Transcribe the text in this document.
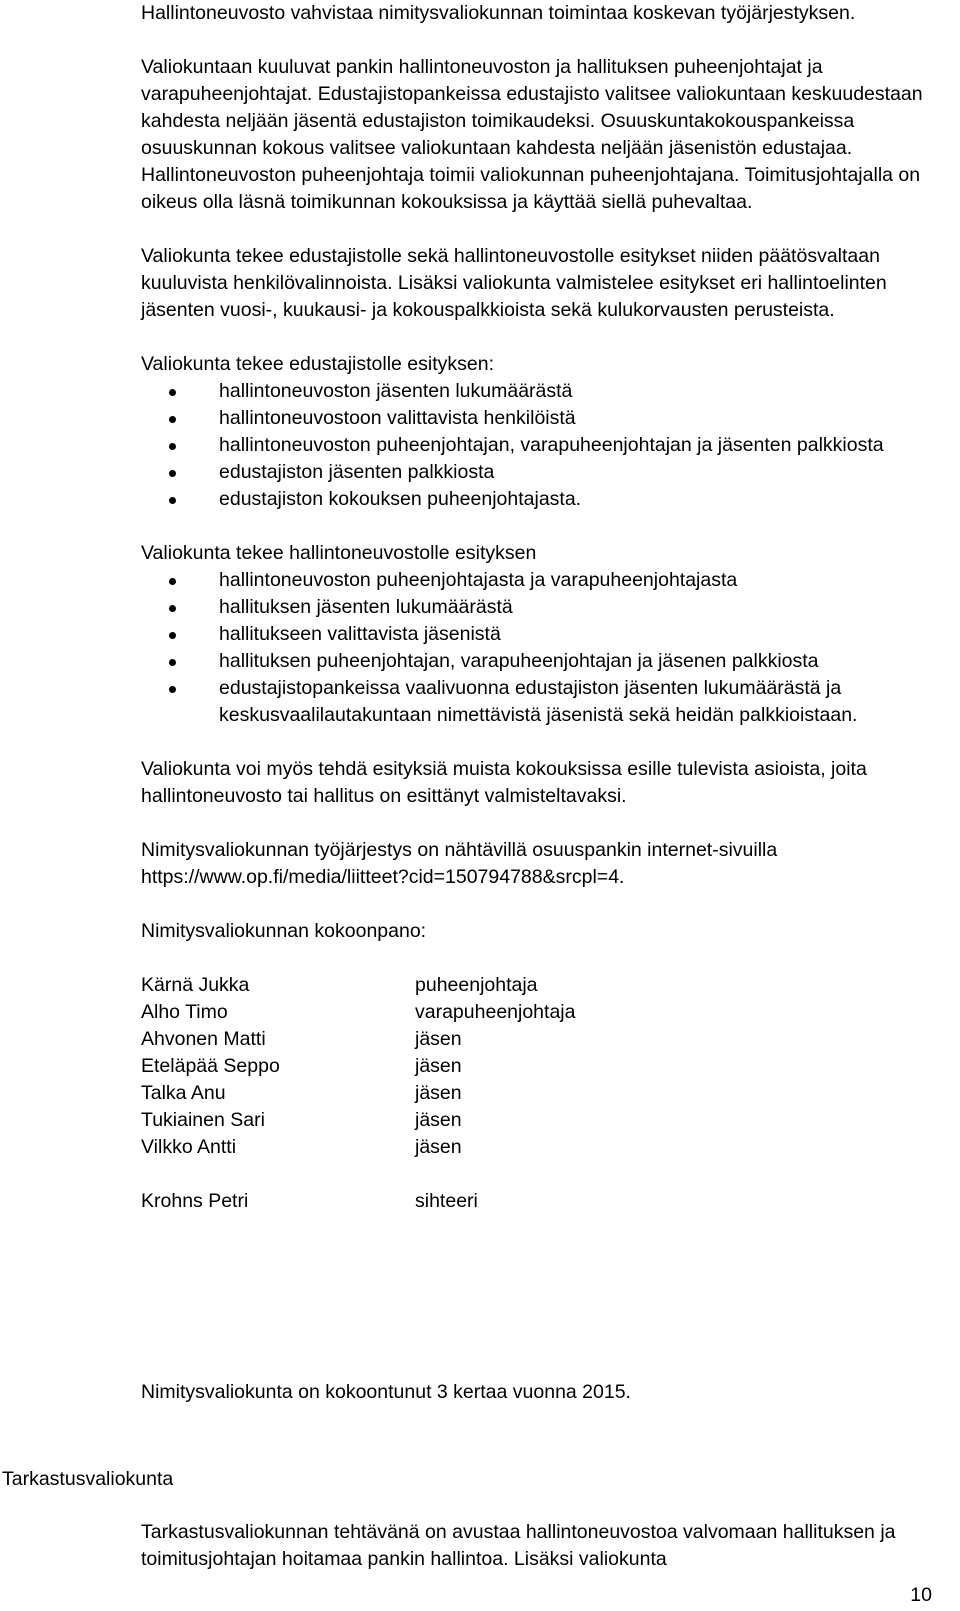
Hallintoneuvosto vahvistaa nimitysvaliokunnan toimintaa koskevan työjärjestyksen.

Valiokuntaan kuuluvat pankin hallintoneuvoston ja hallituksen puheenjohtajat ja varapuheenjohtajat. Edustajistopankeissa edustajisto valitsee valiokuntaan keskuudestaan kahdesta neljään jäsentä edustajiston toimikaudeksi. Osuuskuntakokouspankeissa osuuskunnan kokous valitsee valiokuntaan kahdesta neljään jäsenistön edustajaa. Hallintoneuvoston puheenjohtaja toimii valiokunnan puheenjohtajana. Toimitusjohtajalla on oikeus olla läsnä toimikunnan kokouksissa ja käyttää siellä puhevaltaa.

Valiokunta tekee edustajistolle sekä hallintoneuvostolle esitykset niiden päätösvaltaan kuuluvista henkilövalinnoista. Lisäksi valiokunta valmistelee esitykset eri hallintoelinten jäsenten vuosi-, kuukausi- ja kokouspalkkioista sekä kulukorvausten perusteista.

Valiokunta tekee edustajistolle esityksen:

hallintoneuvoston jäsenten lukumäärästä
hallintoneuvostoon valittavista henkilöistä
hallintoneuvoston puheenjohtajan, varapuheenjohtajan ja jäsenten palkkiosta
edustajiston jäsenten palkkiosta
edustajiston kokouksen puheenjohtajasta.

Valiokunta tekee hallintoneuvostolle esityksen

hallintoneuvoston puheenjohtajasta ja varapuheenjohtajasta
hallituksen jäsenten lukumäärästä
hallitukseen valittavista jäsenistä
hallituksen puheenjohtajan, varapuheenjohtajan ja jäsenen palkkiosta
edustajistopankeissa vaalivuonna edustajiston jäsenten lukumäärästä ja keskusvaalilautakuntaan nimettävistä jäsenistä sekä heidän palkkioistaan.

Valiokunta voi myös tehdä esityksiä muista kokouksissa esille tulevista asioista, joita hallintoneuvosto tai hallitus on esittänyt valmisteltavaksi.

Nimitysvaliokunnan työjärjestys on nähtävillä osuuspankin internet-sivuilla https://www.op.fi/media/liitteet?cid=150794788&srcpl=4.

Nimitysvaliokunnan kokoonpano:

Kärnä Jukka	puheenjohtaja
Alho Timo	varapuheenjohtaja
Ahvonen Matti	jäsen
Eteläpää Seppo	jäsen
Talka Anu	jäsen
Tukiainen Sari	jäsen
Vilkko Antti	jäsen
Krohns Petri	sihteeri

Nimitysvaliokunta on kokoontunut 3 kertaa vuonna 2015.

Tarkastusvaliokunta

Tarkastusvaliokunnan tehtävänä on avustaa hallintoneuvostoa valvomaan hallituksen ja toimitusjohtajan hoitamaa pankin hallintoa. Lisäksi valiokunta

10
